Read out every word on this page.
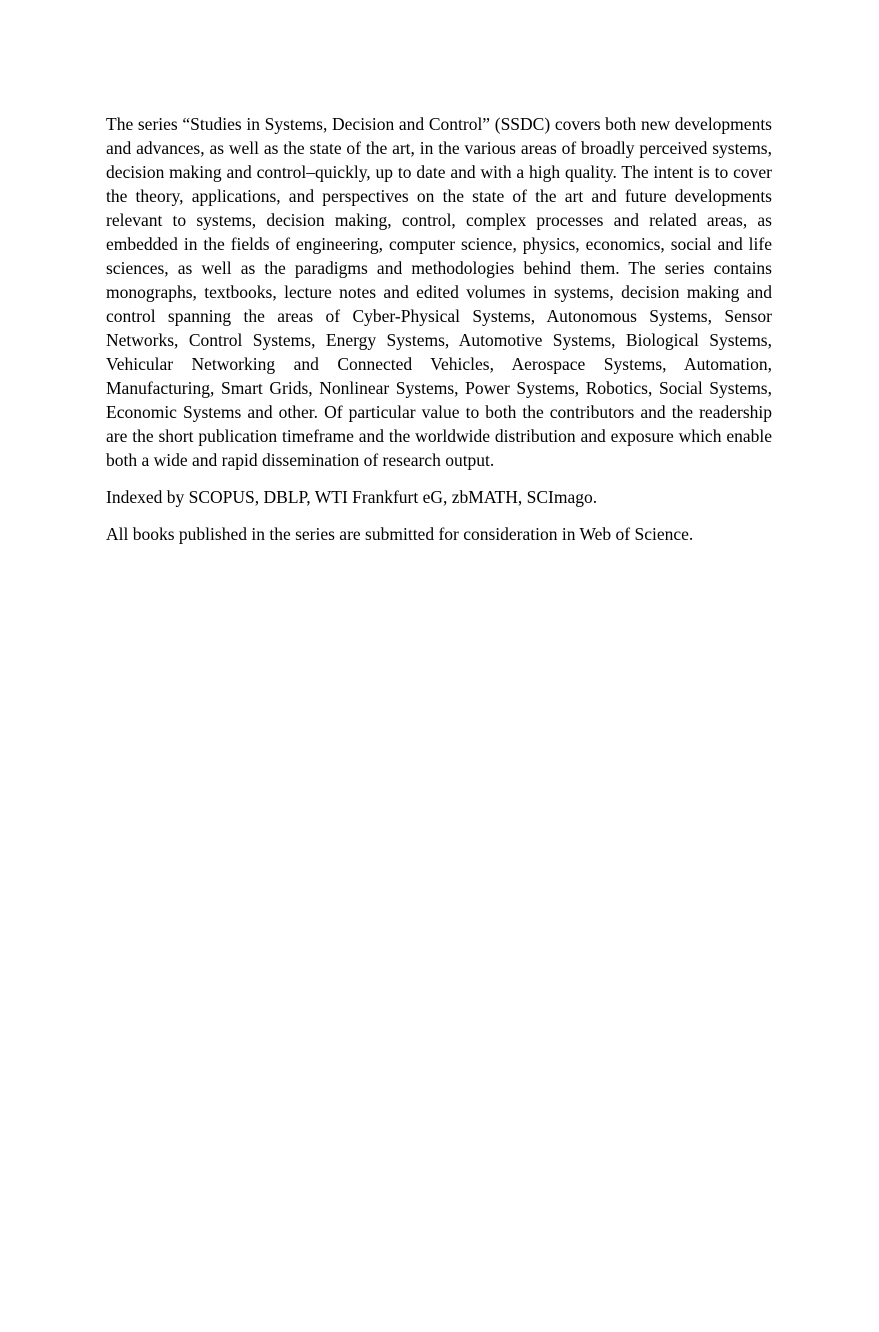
The series “Studies in Systems, Decision and Control” (SSDC) covers both new developments and advances, as well as the state of the art, in the various areas of broadly perceived systems, decision making and control–quickly, up to date and with a high quality. The intent is to cover the theory, applications, and perspectives on the state of the art and future developments relevant to systems, decision making, control, complex processes and related areas, as embedded in the fields of engineering, computer science, physics, economics, social and life sciences, as well as the paradigms and methodologies behind them. The series contains monographs, textbooks, lecture notes and edited volumes in systems, decision making and control spanning the areas of Cyber-Physical Systems, Autonomous Systems, Sensor Networks, Control Systems, Energy Systems, Automotive Systems, Biological Systems, Vehicular Networking and Connected Vehicles, Aerospace Systems, Automation, Manufacturing, Smart Grids, Nonlinear Systems, Power Systems, Robotics, Social Systems, Economic Systems and other. Of particular value to both the contributors and the readership are the short publication timeframe and the worldwide distribution and exposure which enable both a wide and rapid dissemination of research output.

Indexed by SCOPUS, DBLP, WTI Frankfurt eG, zbMATH, SCImago.

All books published in the series are submitted for consideration in Web of Science.
